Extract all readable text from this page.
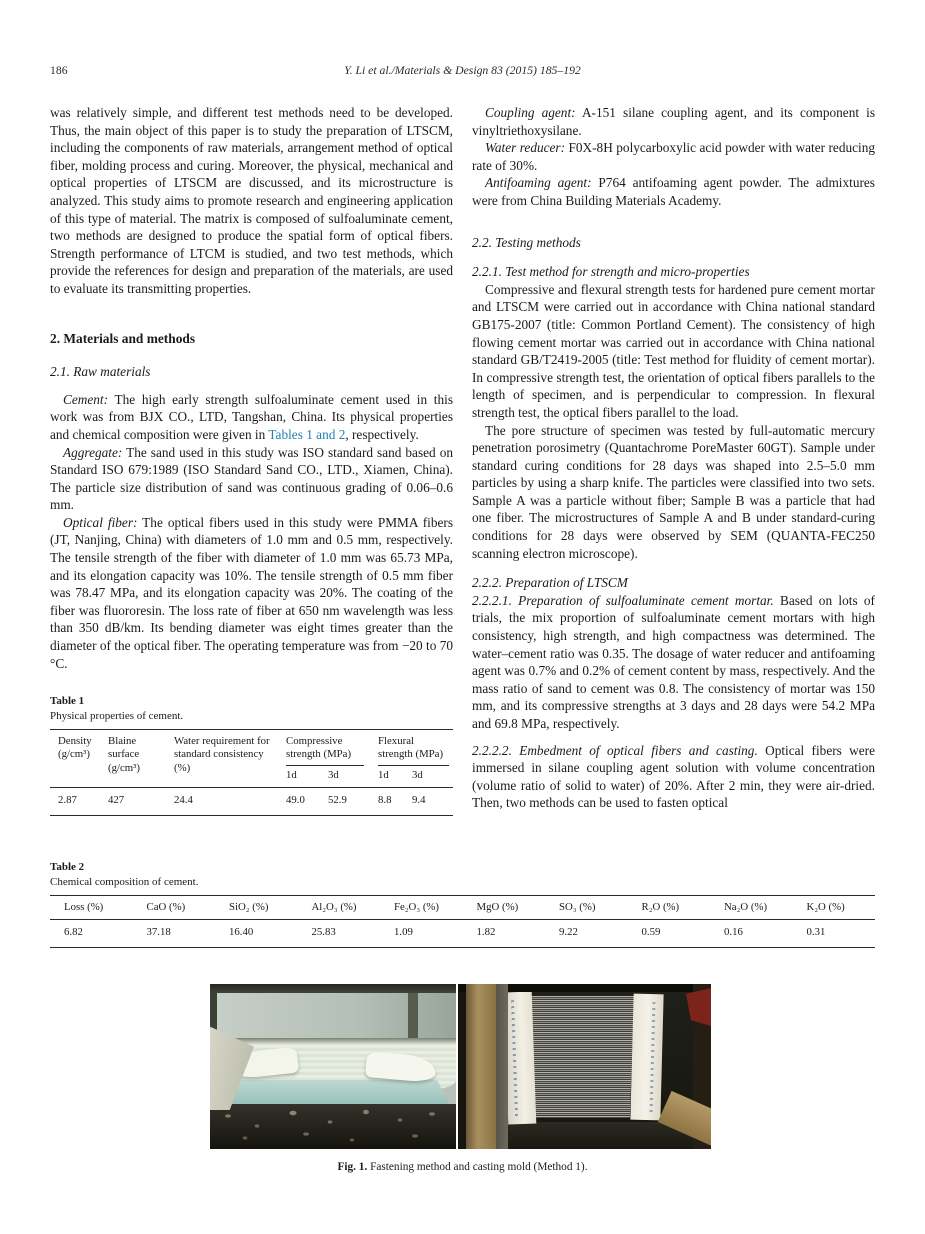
186	Y. Li et al./Materials & Design 83 (2015) 185–192

was relatively simple, and different test methods need to be developed. Thus, the main object of this paper is to study the preparation of LTSCM, including the components of raw materials, arrangement method of optical fiber, molding process and curing. Moreover, the physical, mechanical and optical properties of LTSCM are discussed, and its microstructure is analyzed. This study aims to promote research and engineering application of this type of material. The matrix is composed of sulfoaluminate cement, two methods are designed to produce the spatial form of optical fibers. Strength performance of LTCM is studied, and two test methods, which provide the references for design and preparation of the materials, are used to evaluate its transmitting properties.

2. Materials and methods
2.1. Raw materials

Cement: The high early strength sulfoaluminate cement used in this work was from BJX CO., LTD, Tangshan, China. Its physical properties and chemical composition were given in Tables 1 and 2, respectively.

Aggregate: The sand used in this study was ISO standard sand based on Standard ISO 679:1989 (ISO Standard Sand CO., LTD., Xiamen, China). The particle size distribution of sand was continuous grading of 0.06–0.6 mm.

Optical fiber: The optical fibers used in this study were PMMA fibers (JT, Nanjing, China) with diameters of 1.0 mm and 0.5 mm, respectively. The tensile strength of the fiber with diameter of 1.0 mm was 65.73 MPa, and its elongation capacity was 10%. The tensile strength of 0.5 mm fiber was 78.47 MPa, and its elongation capacity was 20%. The coating of the fiber was fluororesin. The loss rate of fiber at 650 nm wavelength was less than 350 dB/km. Its bending diameter was eight times greater than the diameter of the optical fiber. The operating temperature was from −20 to 70 °C.

Table 1
Physical properties of cement.
Density (g/cm³)	Blaine surface (g/cm³)	Water requirement for standard consistency (%)	Compressive strength (MPa)		Flexural strength (MPa)	
			1d	3d	1d	3d
2.87	427	24.4	49.0	52.9	8.8	9.4

Coupling agent: A-151 silane coupling agent, and its component is vinyltriethoxysilane.

Water reducer: F0X-8H polycarboxylic acid powder with water reducing rate of 30%.

Antifoaming agent: P764 antifoaming agent powder. The admixtures were from China Building Materials Academy.

2.2. Testing methods
2.2.1. Test method for strength and micro-properties

Compressive and flexural strength tests for hardened pure cement mortar and LTSCM were carried out in accordance with China national standard GB175-2007 (title: Common Portland Cement). The consistency of high flowing cement mortar was carried out in accordance with China national standard GB/T2419-2005 (title: Test method for fluidity of cement mortar). In compressive strength test, the orientation of optical fibers parallels to the length of specimen, and is perpendicular to compression. In flexural strength test, the optical fibers parallel to the load.

The pore structure of specimen was tested by full-automatic mercury penetration porosimetry (Quantachrome PoreMaster 60GT). Sample under standard curing conditions for 28 days was shaped into 2.5–5.0 mm particles by using a sharp knife. The particles were classified into two sets. Sample A was a particle without fiber; Sample B was a particle that had one fiber. The microstructures of Sample A and B under standard-curing conditions for 28 days were observed by SEM (QUANTA-FEC250 scanning electron microscope).

2.2.2. Preparation of LTSCM

2.2.2.1. Preparation of sulfoaluminate cement mortar. Based on lots of trials, the mix proportion of sulfoaluminate cement mortars with high consistency, high strength, and high compactness was determined. The water–cement ratio was 0.35. The dosage of water reducer and antifoaming agent was 0.7% and 0.2% of cement content by mass, respectively. And the mass ratio of sand to cement was 0.8. The consistency of mortar was 150 mm, and its compressive strengths at 3 days and 28 days were 54.2 MPa and 69.8 MPa, respectively.

2.2.2.2. Embedment of optical fibers and casting. Optical fibers were immersed in silane coupling agent solution with volume concentration (volume ratio of solid to water) of 20%. After 2 min, they were air-dried. Then, two methods can be used to fasten optical

Table 2
Chemical composition of cement.
Loss (%)	CaO (%)	SiO₂ (%)	Al₂O₃ (%)	Fe₂O₃ (%)	MgO (%)	SO₃ (%)	R₂O (%)	Na₂O (%)	K₂O (%)
6.82	37.18	16.40	25.83	1.09	1.82	9.22	0.59	0.16	0.31
Fig. 1. Fastening method and casting mold (Method 1).
